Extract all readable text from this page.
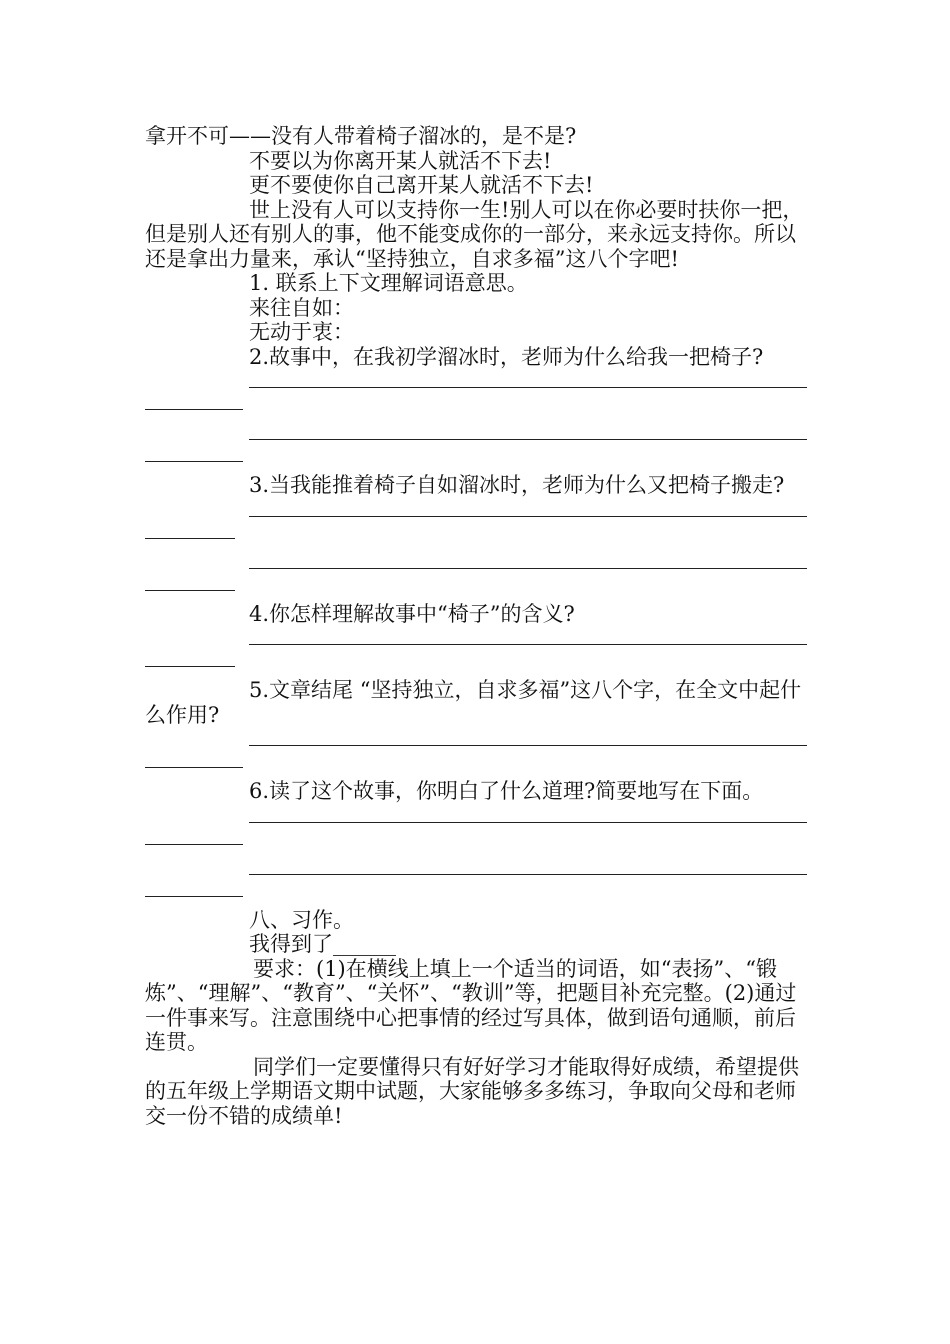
拿开不可——没有人带着椅子溜冰的，是不是?

不要以为你离开某人就活不下去!

更不要使你自己离开某人就活不下去!

世上没有人可以支持你一生!别人可以在你必要时扶你一把，但是别人还有别人的事，他不能变成你的一部分，来永远支持你。所以还是拿出力量来，承认“坚持独立，自求多福”这八个字吧!

1. 联系上下文理解词语意思。

来往自如：

无动于衷：

2.故事中，在我初学溜冰时，老师为什么给我一把椅子?

3.当我能推着椅子自如溜冰时，老师为什么又把椅子搬走?

4.你怎样理解故事中“椅子”的含义?

5.文章结尾 “坚持独立，自求多福”这八个字，在全文中起什么作用?

6.读了这个故事，你明白了什么道理?简要地写在下面。

八、习作。

我得到了______

要求：(1)在横线上填上一个适当的词语，如“表扬”、“锻炼”、“理解”、“教育”、“关怀”、“教训”等，把题目补充完整。(2)通过一件事来写。注意围绕中心把事情的经过写具体，做到语句通顺，前后连贯。

同学们一定要懂得只有好好学习才能取得好成绩，希望提供的五年级上学期语文期中试题，大家能够多多练习，争取向父母和老师交一份不错的成绩单!
